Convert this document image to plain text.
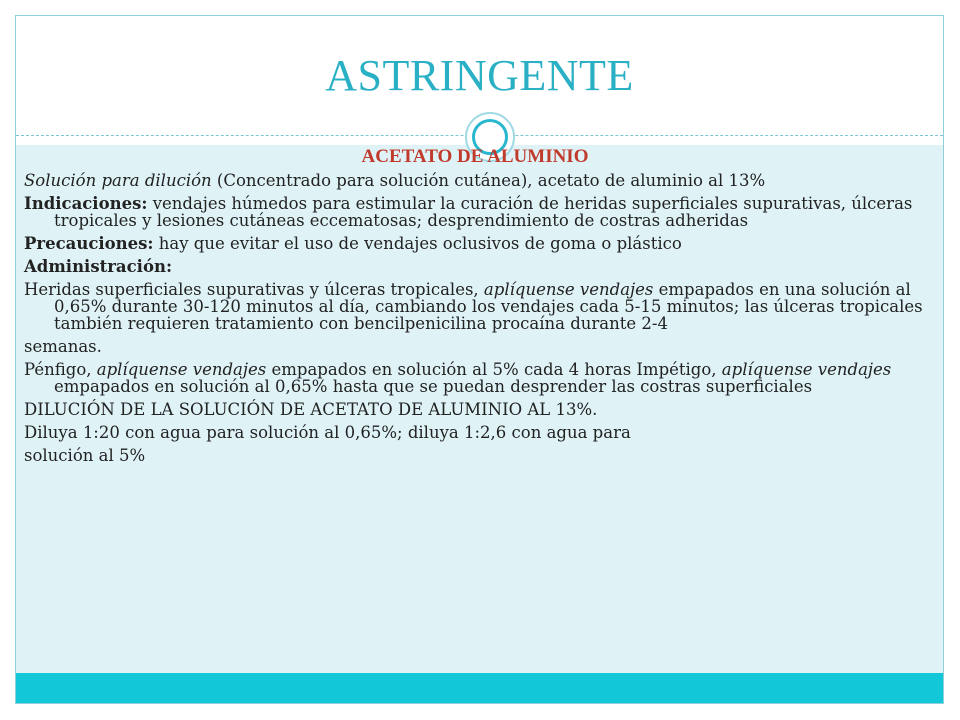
ASTRINGENTE
ACETATO DE ALUMINIO
Solución para dilución (Concentrado para solución cutánea), acetato de aluminio al 13%
Indicaciones: vendajes húmedos para estimular la curación de heridas superficiales supurativas, úlceras tropicales y lesiones cutáneas eccematosas; desprendimiento de costras adheridas
Precauciones: hay que evitar el uso de vendajes oclusivos de goma o plástico
Administración:
Heridas superficiales supurativas y úlceras tropicales, aplíquense vendajes empapados en una solución al 0,65% durante 30-120 minutos al día, cambiando los vendajes cada 5-15 minutos; las úlceras tropicales también requieren tratamiento con bencilpenicilina procaína durante 2-4
semanas.
Pénfigo, aplíquense vendajes empapados en solución al 5% cada 4 horas Impétigo, aplíquense vendajes empapados en solución al 0,65% hasta que se puedan desprender las costras superficiales
DILUCIÓN DE LA SOLUCIÓN DE ACETATO DE ALUMINIO AL 13%.
Diluya 1:20 con agua para solución al 0,65%; diluya 1:2,6 con agua para
solución al 5%
